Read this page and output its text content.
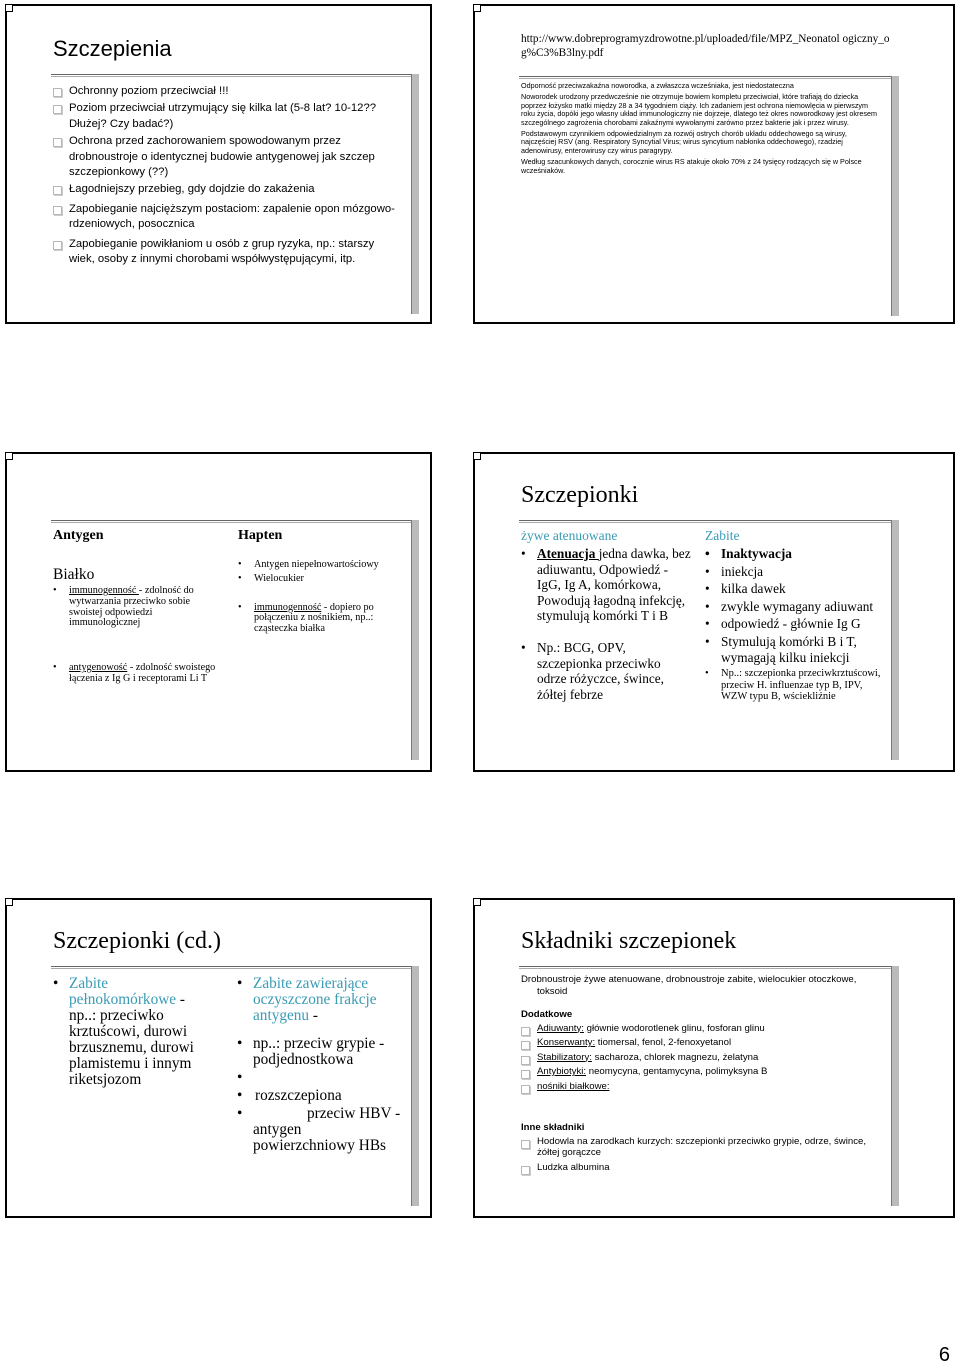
Szczepienia
Ochronny poziom przeciwciał !!!
Poziom przeciwciał utrzymujący się kilka lat (5-8 lat? 10-12?? Dłużej? Czy badać?)
Ochrona przed zachorowaniem spowodowanym przez drobnoustroje o identycznej budowie antygenowej jak szczep szczepionkowy (??)
Łagodniejszy przebieg, gdy dojdzie do zakażenia
Zapobieganie najcięższym postaciom: zapalenie opon mózgowo-rdzeniowych, posocznica
Zapobieganie powikłaniom u osób z grup ryzyka, np.: starszy wiek, osoby z innymi chorobami współwystępującymi, itp.
http://www.dobreprogramyzdrowotne.pl/uploaded/file/MPZ_Neonatol ogiczny_og%C3%B3lny.pdf

Odporność przeciwzakaźna noworodka, a zwłaszcza wcześniaka, jest niedostateczna

Noworodek urodzony przedwcześnie nie otrzymuje bowiem kompletu przeciwciał, które trafiają do dziecka poprzez łożysko matki między 28 a 34 tygodniem ciąży. Ich zadaniem jest ochrona niemowlęcia w pierwszym roku życia, dopóki jego własny układ immunologiczny nie dojrzeje, dlatego też okres noworodkowy jest okresem szczególnego zagrożenia chorobami zakaźnymi wywołanymi zarówno przez bakterie jak i przez wirusy.

Podstawowym czynnikiem odpowiedzialnym za rozwój ostrych chorób układu oddechowego są wirusy, najczęściej RSV (ang. Respiratory Syncytial Virus; wirus syncytium nabłonka oddechowego), rzadziej adenowirusy, enterowirusy czy wirus paragrypy.

Według szacunkowych danych, corocznie wirus RS atakuje około 70% z 24 tysięcy rodzących się w Polsce wcześniaków.

Antygen
Białko
• immunogenność - zdolność do wytwarzania przeciwko sobie swoistej odpowiedzi immunologicznej
• antygenowość - zdolność swoistego łączenia z Ig G i receptorami Li T
Hapten
• Antygen niepełnowartościowy
• Wielocukier
• immunogenność - dopiero po połączeniu z nośnikiem, np..: cząsteczka białka
Szczepionki
żywe atenuowane
• Atenuacja jedna dawka, bez adiuwantu, Odpowiedź - IgG, Ig A, komórkowa, Powodują łagodną infekcję, stymulują komórki T i B
• Np.: BCG, OPV, szczepionka przeciwko odrze różyczce, śwince, żółtej febrze
Zabite
• Inaktywacja
• iniekcja
• kilka dawek
• zwykle wymagany adiuwant
• odpowiedź - głównie Ig G
• Stymulują komórki B i T, wymagają kilku iniekcji
• Np..: szczepionka przeciwkrztuścowi, przeciw H. influenzae typ B, IPV, WZW typu B, wściekliźnie
Szczepionki (cd.)
• Zabite pełnokomórkowe - np..: przeciwko krztuścowi, durowi brzusznemu, durowi plamistemu i innym riketsjozom
• Zabite zawierające oczyszczone frakcje antygenu -
• np..: przeciw grypie - podjednostkowa
•
• rozszczepiona
• przeciw HBV - antygen powierzchniowy HBs
Składniki szczepionek
Drobnoustroje żywe atenuowane, drobnoustroje zabite, wielocukier otoczkowe, toksoid
Dodatkowe
Adiuwanty: głównie wodorotlenek glinu, fosforan glinu
Konserwanty: tiomersal, fenol, 2-fenoxyetanol
Stabilizatory: sacharoza, chlorek magnezu, żelatyna
Antybiotyki: neomycyna, gentamycyna, polimyksyna B
nośniki białkowe:
Inne składniki
Hodowla na zarodkach kurzych: szczepionki przeciwko grypie, odrze, śwince, żółtej gorączce
Ludzka albumina
6
